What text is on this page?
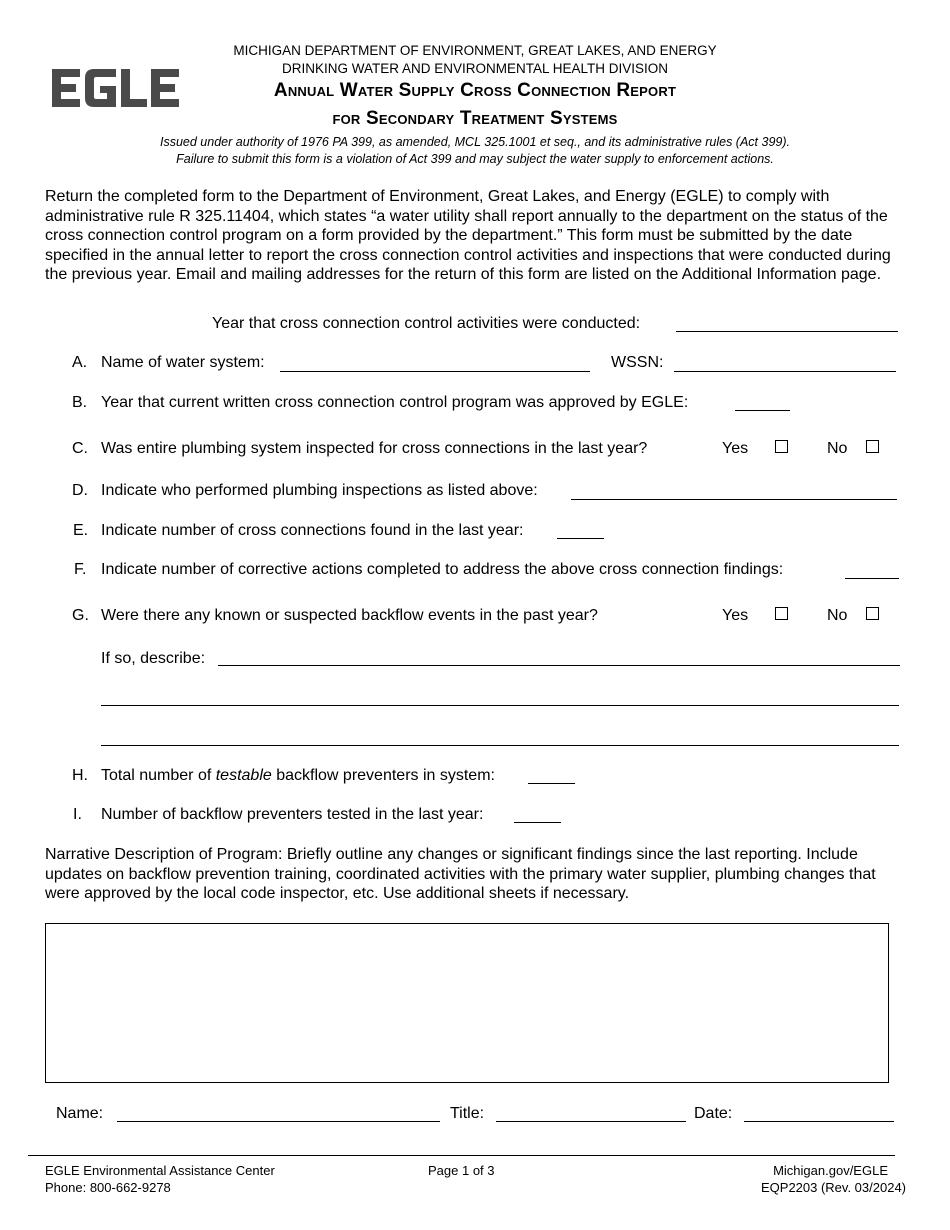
MICHIGAN DEPARTMENT OF ENVIRONMENT, GREAT LAKES, AND ENERGY
DRINKING WATER AND ENVIRONMENTAL HEALTH DIVISION
Annual Water Supply Cross Connection Report
for Secondary Treatment Systems
Issued under authority of 1976 PA 399, as amended, MCL 325.1001 et seq., and its administrative rules (Act 399).
Failure to submit this form is a violation of Act 399 and may subject the water supply to enforcement actions.
Return the completed form to the Department of Environment, Great Lakes, and Energy (EGLE) to comply with administrative rule R 325.11404, which states “a water utility shall report annually to the department on the status of the cross connection control program on a form provided by the department.” This form must be submitted by the date specified in the annual letter to report the cross connection control activities and inspections that were conducted during the previous year. Email and mailing addresses for the return of this form are listed on the Additional Information page.
Year that cross connection control activities were conducted:
A. Name of water system:	WSSN:
B. Year that current written cross connection control program was approved by EGLE:
C. Was entire plumbing system inspected for cross connections in the last year?	Yes	No
D. Indicate who performed plumbing inspections as listed above:
E. Indicate number of cross connections found in the last year:
F. Indicate number of corrective actions completed to address the above cross connection findings:
G. Were there any known or suspected backflow events in the past year?	Yes	No
If so, describe:
H. Total number of testable backflow preventers in system:
I. Number of backflow preventers tested in the last year:
Narrative Description of Program: Briefly outline any changes or significant findings since the last reporting. Include updates on backflow prevention training, coordinated activities with the primary water supplier, plumbing changes that were approved by the local code inspector, etc. Use additional sheets if necessary.
Name:	Title:	Date:
EGLE Environmental Assistance Center
Phone: 800-662-9278
Page 1 of 3	Michigan.gov/EGLE
EQP2203 (Rev. 03/2024)
